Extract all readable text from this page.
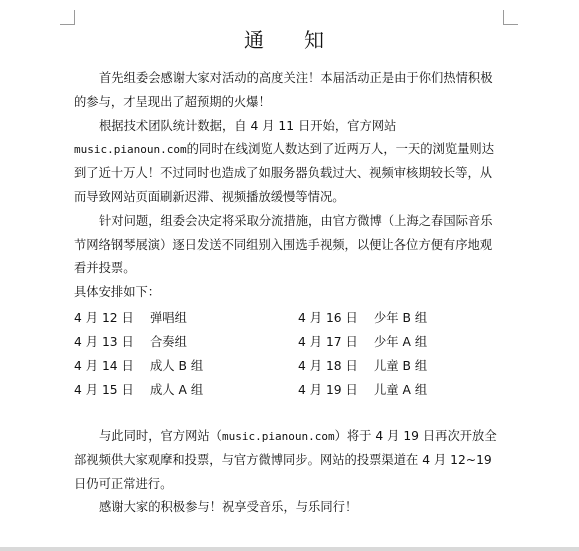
通　知

首先组委会感谢大家对活动的高度关注！本届活动正是由于你们热情积极的参与，才呈现出了超预期的火爆！

根据技术团队统计数据，自 4 月 11 日开始，官方网站 music.pianoun.com的同时在线浏览人数达到了近两万人，一天的浏览量则达到了近十万人！不过同时也造成了如服务器负载过大、视频审核期较长等，从而导致网站页面刷新迟滞、视频播放缓慢等情况。

针对问题，组委会决定将采取分流措施，由官方微博（上海之春国际音乐节网络钢琴展演）逐日发送不同组别入围选手视频，以便让各位方便有序地观看并投票。

具体安排如下：

4 月 12 日	弹唱组	4 月 16 日	少年 B 组
4 月 13 日	合奏组	4 月 17 日	少年 A 组
4 月 14 日	成人 B 组	4 月 18 日	儿童 B 组
4 月 15 日	成人 A 组	4 月 19 日	儿童 A 组

与此同时，官方网站（music.pianoun.com）将于 4 月 19 日再次开放全部视频供大家观摩和投票，与官方微博同步。网站的投票渠道在 4 月 12~19 日仍可正常进行。

感谢大家的积极参与！祝享受音乐，与乐同行！
